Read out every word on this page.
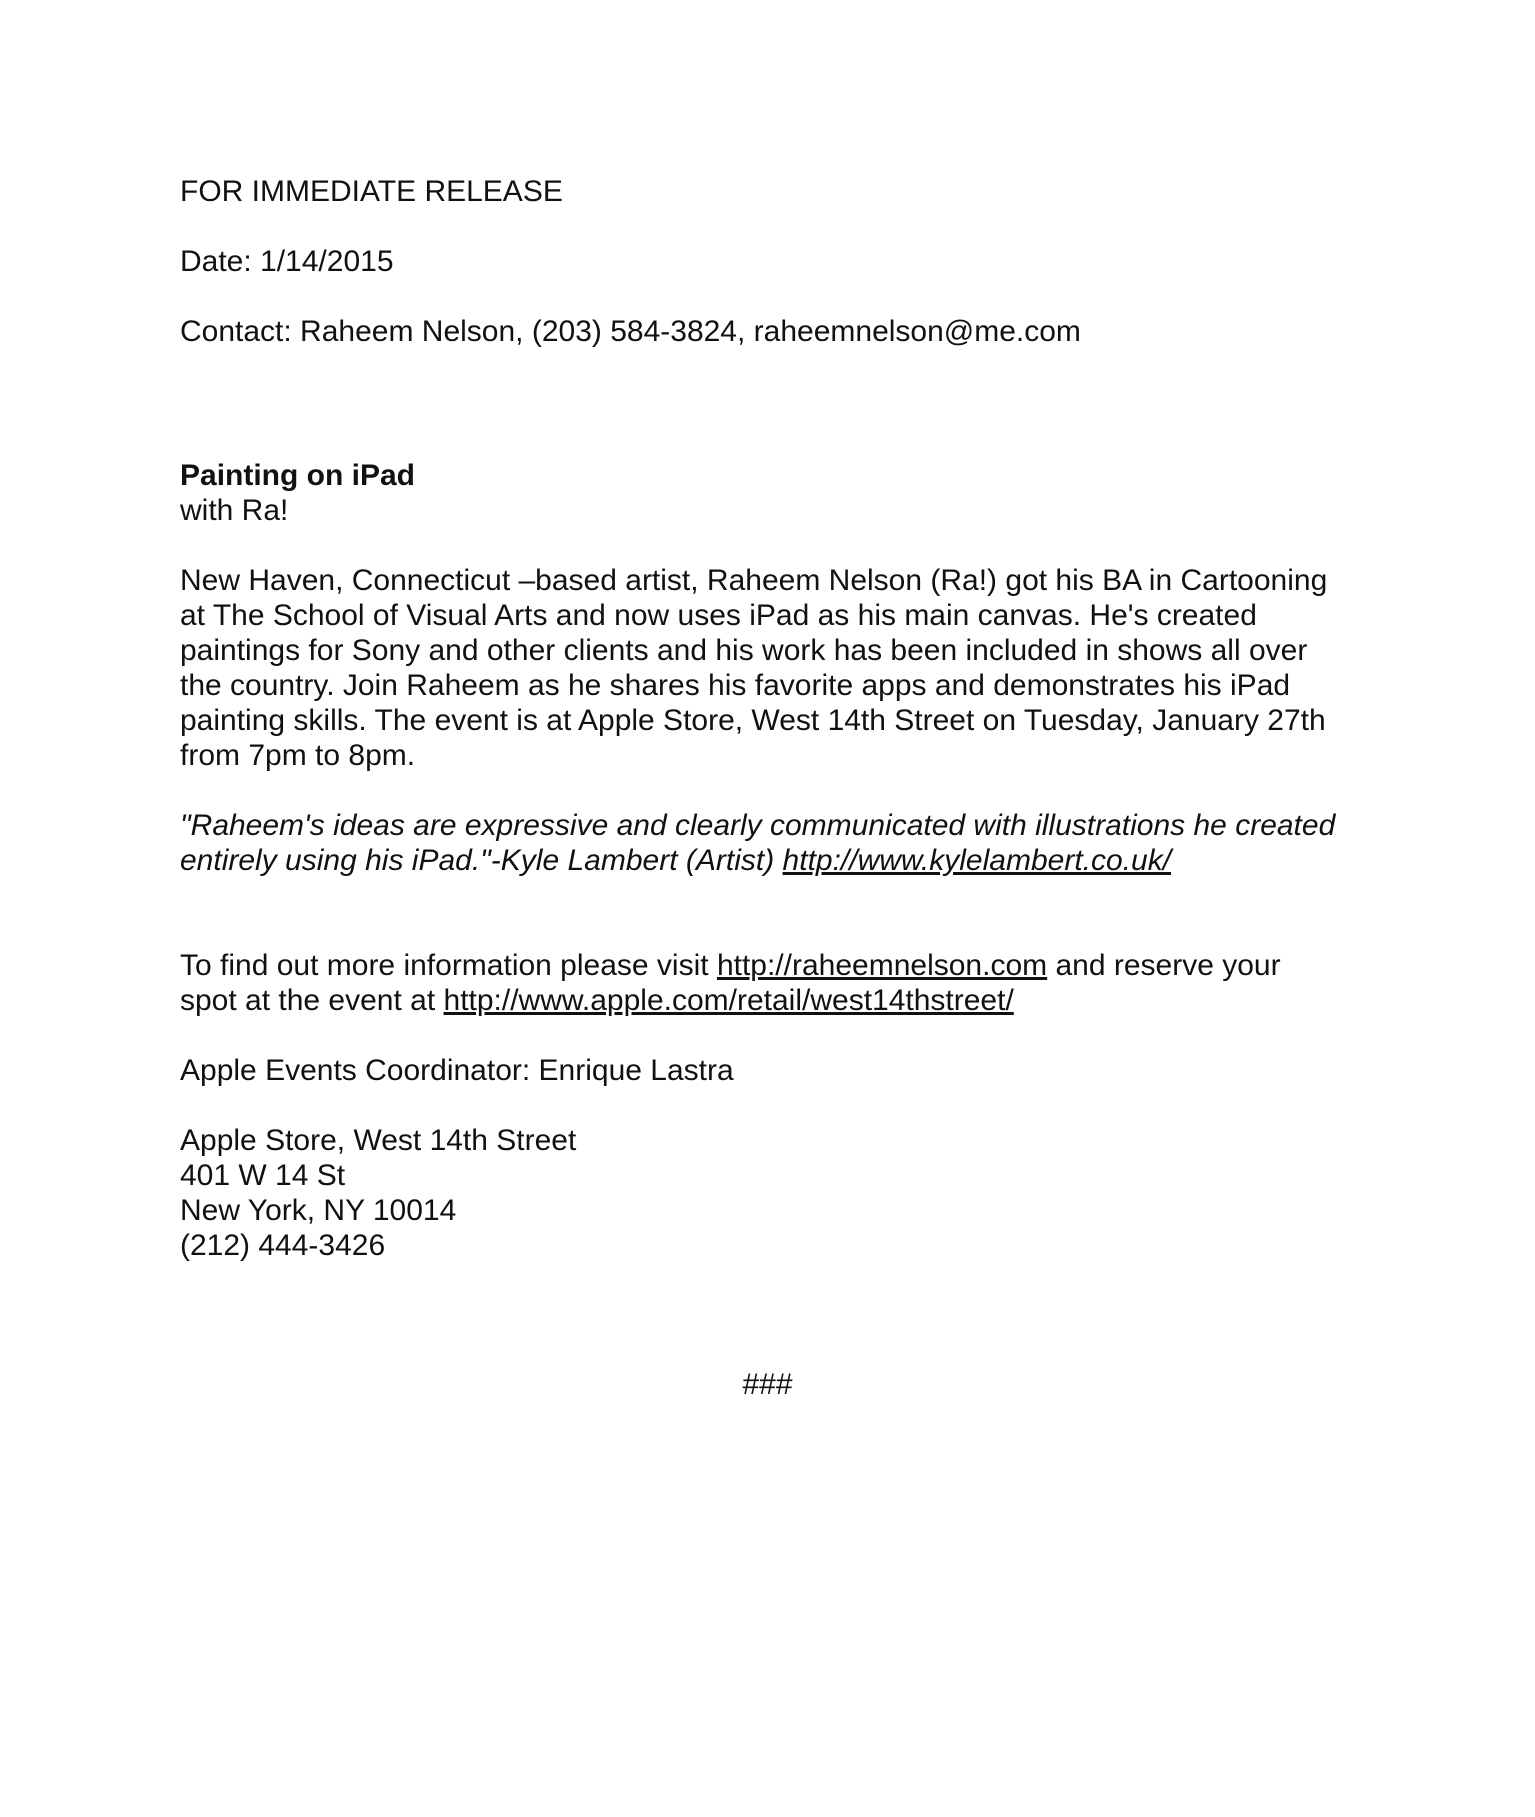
FOR IMMEDIATE RELEASE
Date: 1/14/2015
Contact: Raheem Nelson, (203) 584-3824, raheemnelson@me.com
Painting on iPad
with Ra!

New Haven, Connecticut –based artist, Raheem Nelson (Ra!) got his BA in Cartooning

at The School of Visual Arts and now uses iPad as his main canvas. He's created

paintings for Sony and other clients and his work has been included in shows all over

the country. Join Raheem as he shares his favorite apps and demonstrates his iPad

painting skills. The event is at Apple Store, West 14th Street on Tuesday, January 27th

from 7pm to 8pm.

"Raheem's ideas are expressive and clearly communicated with illustrations he created

entirely using his iPad."-Kyle Lambert (Artist) http://www.kylelambert.co.uk/

To find out more information please visit http://raheemnelson.com and reserve your

spot at the event at http://www.apple.com/retail/west14thstreet/

Apple Events Coordinator: Enrique Lastra

Apple Store, West 14th Street

401 W 14 St

New York, NY 10014

(212) 444-3426

###
